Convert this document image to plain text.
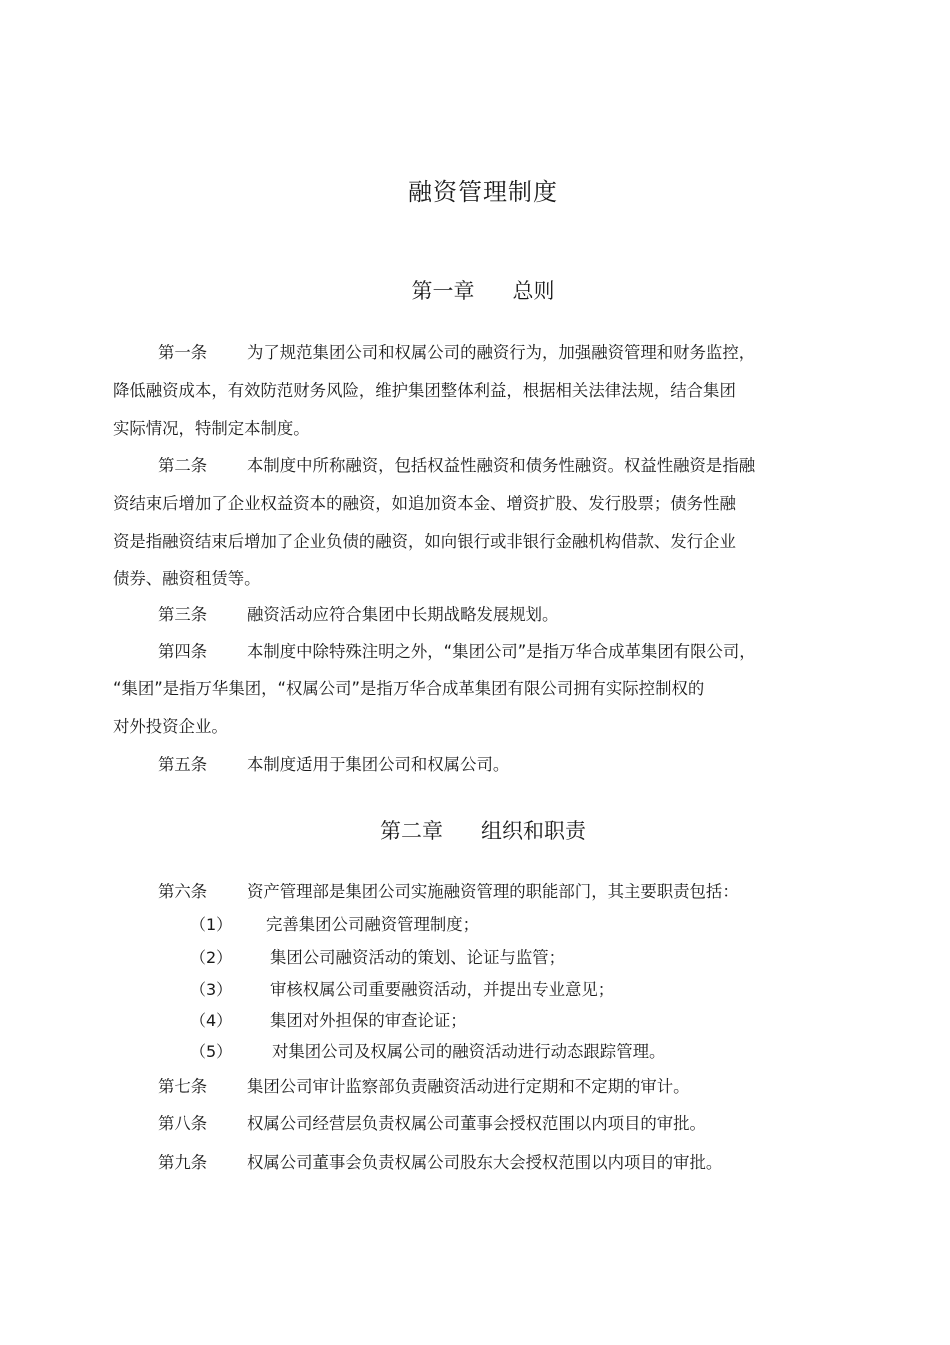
融资管理制度
第一章 总则
第一条 为了规范集团公司和权属公司的融资行为，加强融资管理和财务监控，
降低融资成本，有效防范财务风险，维护集团整体利益，根据相关法律法规，结合集团
实际情况，特制定本制度。
第二条 本制度中所称融资，包括权益性融资和债务性融资。权益性融资是指融
资结束后增加了企业权益资本的融资，如追加资本金、增资扩股、发行股票；债务性融
资是指融资结束后增加了企业负债的融资，如向银行或非银行金融机构借款、发行企业
债券、融资租赁等。
第三条 融资活动应符合集团中长期战略发展规划。
第四条 本制度中除特殊注明之外，“集团公司”是指万华合成革集团有限公司，
“集团”是指万华集团，“权属公司”是指万华合成革集团有限公司拥有实际控制权的
对外投资企业。
第五条 本制度适用于集团公司和权属公司。
第二章 组织和职责
第六条 资产管理部是集团公司实施融资管理的职能部门，其主要职责包括：
（1） 完善集团公司融资管理制度；
（2） 集团公司融资活动的策划、论证与监管；
（3） 审核权属公司重要融资活动，并提出专业意见；
（4） 集团对外担保的审查论证；
（5） 对集团公司及权属公司的融资活动进行动态跟踪管理。
第七条 集团公司审计监察部负责融资活动进行定期和不定期的审计。
第八条 权属公司经营层负责权属公司董事会授权范围以内项目的审批。
第九条 权属公司董事会负责权属公司股东大会授权范围以内项目的审批。
